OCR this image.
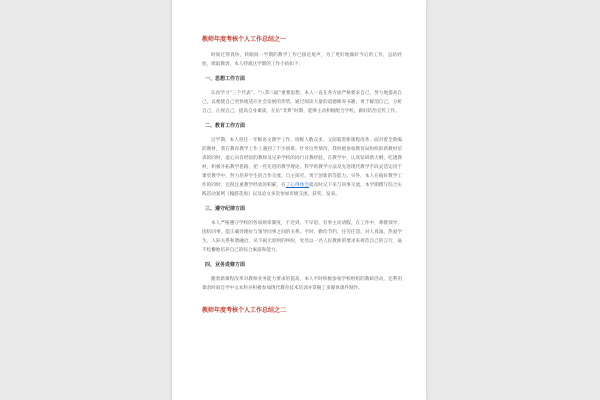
教师年度考核个人工作总结之一

时间过得真快，转眼间一学期的教学工作已接近尾声，为了更好地做好今后的工作，总结经验，吸取教训，本人特就这学期的工作小结如下：

一、思想工作方面

认真学习“三个代表”、“八荣八耻”重要思想，本人一直在各方面严格要求自己，努力地提高自己，以便使自己更快地适应社会发展的形势。通过阅读大量的道德修养书籍，勇于解剖自己，分析自己，正视自己，提高自身素质，在抗“非典”时期，能够主动积极配合学校，做好防治宣传工作。

二、教育工作方面

这学期，本人担任一年级语文教学工作，班级人数众多，又面临着新课程改革，面对着全新编的教材，我在教育教学工作上遇到了不少困难。针对这些情况，我积极参加教育局组织的新教材培训的同时，虚心向有经验的教师及兄弟学校的同行讨教经验。在教学中，认真钻研新大纲、吃透教材，积极开拓教学思路，把一些先进的教学理论、科学的教学方法及先进现代教学手段灵活运用于课堂教学中，努力培养学生的合作交流、自主探究、勇于创新的等能力。另外，本人在搞好教学工作的同时，还很注重教学经验的积累，有了心得体会就及时记下来与同事交流，本学期撰写综合实践活动案例《翰游花海》以及论文多次参加市级交流、获奖、发表。

三、遵守纪律方面

本人严格遵守学校的各项规章制度，不迟到、不早退、有事主动请假。在工作中，尊敬领导、团结同事，能正确处理好与领导同事之间的关系。平时，勤俭节约、任劳任怨、对人真诚、热爱学生、人际关系和谐融洽，从不闹无原则的纠纷，处处以一名人民教师的要求来规范自己的言行，毫不松懈地培养自己的综合素质和能力。

四、业务进修方面

随着新课程改革对教师业务能力要求的提高，本人平时积极参加学校组织的教研活动，还利用课余时间自学中文本科并积极参加现代教育技术培训并掌握了多媒体课件制作。

教师年度考核个人工作总结之二
